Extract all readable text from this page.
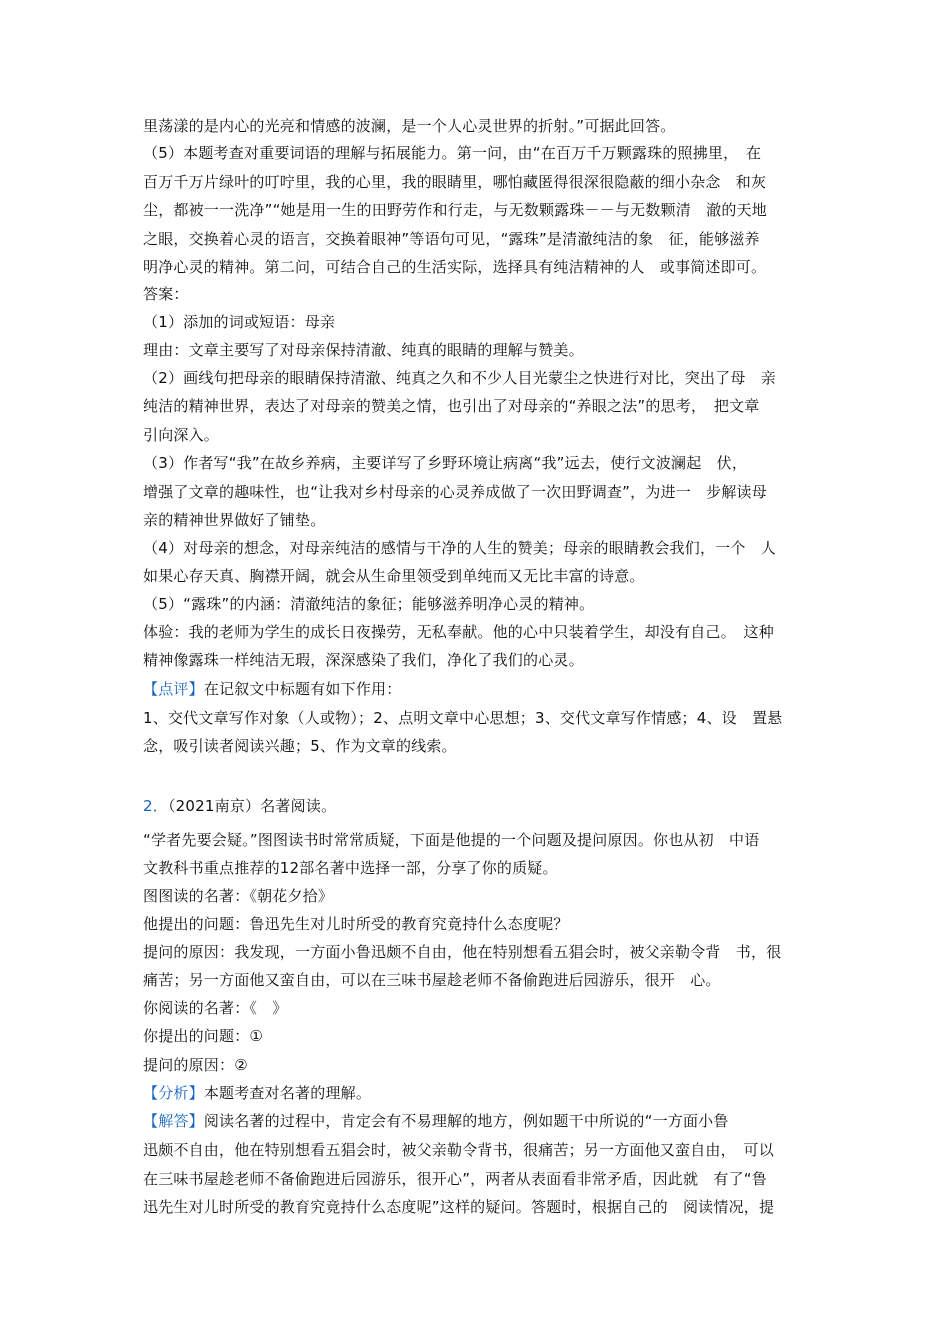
里荡漾的是内心的光亮和情感的波澜，是一个人心灵世界的折射。”可据此回答。
（5）本题考查对重要词语的理解与拓展能力。第一问，由“在百万千万颗露珠的照拂里，　在
百万千万片绿叶的叮咛里，我的心里，我的眼睛里，哪怕藏匿得很深很隐蔽的细小杂念　和灰
尘，都被一一洗净”“她是用一生的田野劳作和行走，与无数颗露珠－－与无数颗清　澈的天地
之眼，交换着心灵的语言，交换着眼神”等语句可见，“露珠”是清澈纯洁的象　征，能够滋养
明净心灵的精神。第二问，可结合自己的生活实际，选择具有纯洁精神的人　或事简述即可。
答案：
（1）添加的词或短语：母亲
理由：文章主要写了对母亲保持清澈、纯真的眼睛的理解与赞美。
（2）画线句把母亲的眼睛保持清澈、纯真之久和不少人目光蒙尘之快进行对比，突出了母　亲
纯洁的精神世界，表达了对母亲的赞美之情，也引出了对母亲的“养眼之法”的思考，　把文章
引向深入。
（3）作者写“我”在故乡养病，主要详写了乡野环境让病离“我”远去，使行文波澜起　伏，
增强了文章的趣味性，也“让我对乡村母亲的心灵养成做了一次田野调查”，为进一　步解读母
亲的精神世界做好了铺垫。
（4）对母亲的想念，对母亲纯洁的感情与干净的人生的赞美；母亲的眼睛教会我们，一个　人
如果心存天真、胸襟开阔，就会从生命里领受到单纯而又无比丰富的诗意。
（5）“露珠”的内涵：清澈纯洁的象征；能够滋养明净心灵的精神。
体验：我的老师为学生的成长日夜操劳，无私奉献。他的心中只装着学生，却没有自己。　这种
精神像露珠一样纯洁无瑕，深深感染了我们，净化了我们的心灵。
【点评】在记叙文中标题有如下作用：
1、交代文章写作对象（人或物）；2、点明文章中心思想；3、交代文章写作情感；4、设　置悬
念，吸引读者阅读兴趣；5、作为文章的线索。
2．（2021南京）名著阅读。
“学者先要会疑。”图图读书时常常质疑，下面是他提的一个问题及提问原因。你也从初　中语
文教科书重点推荐的12部名著中选择一部，分享了你的质疑。
图图读的名著：《朝花夕拾》
他提出的问题：鲁迅先生对儿时所受的教育究竟持什么态度呢？
提问的原因：我发现，一方面小鲁迅颇不自由，他在特别想看五猖会时，被父亲勒令背　书，很
痛苦；另一方面他又蛮自由，可以在三味书屋趁老师不备偷跑进后园游乐，很开　心。
你阅读的名著：《　》
你提出的问题：①
提问的原因：②
【分析】本题考查对名著的理解。
【解答】阅读名著的过程中，肯定会有不易理解的地方，例如题干中所说的“一方面小鲁
迅颇不自由，他在特别想看五猖会时，被父亲勒令背书，很痛苦；另一方面他又蛮自由，　可以
在三味书屋趁老师不备偷跑进后园游乐，很开心”，两者从表面看非常矛盾，因此就　有了“鲁
迅先生对儿时所受的教育究竟持什么态度呢”这样的疑问。答题时，根据自己的　阅读情况，提
